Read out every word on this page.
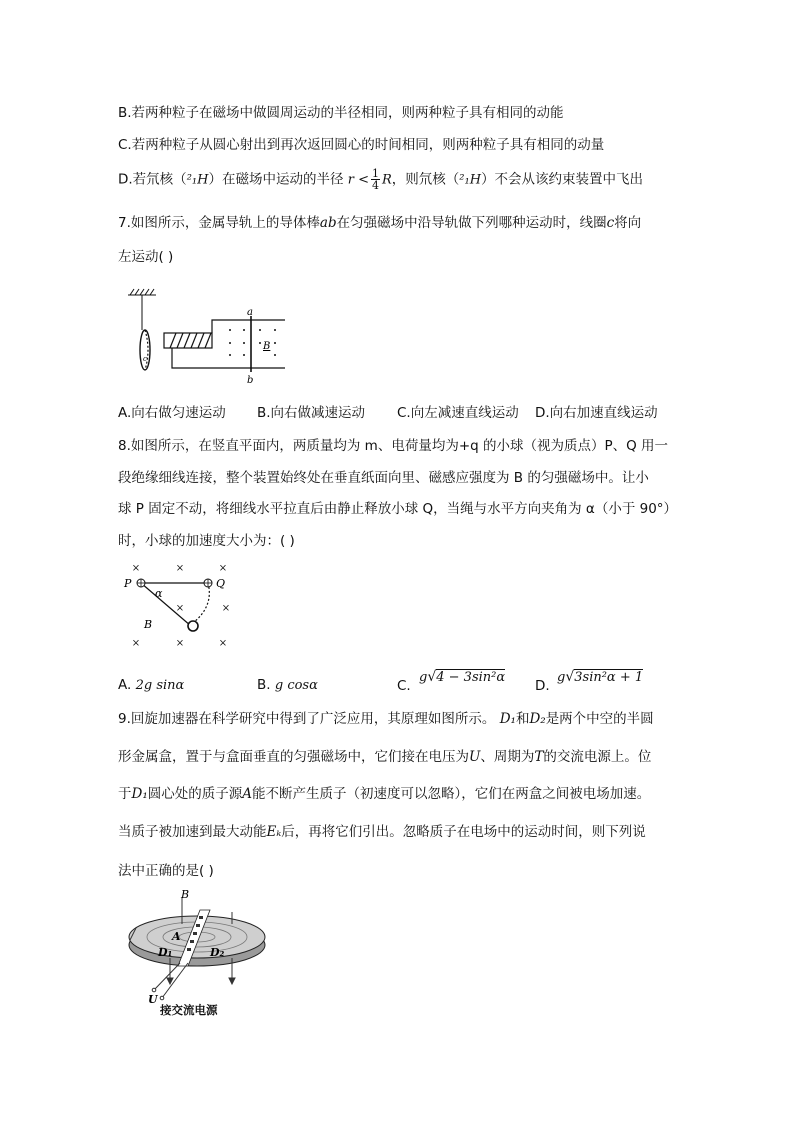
B.若两种粒子在磁场中做圆周运动的半径相同，则两种粒子具有相同的动能
C.若两种粒子从圆心射出到再次返回圆心的时间相同，则两种粒子具有相同的动量
D.若氘核（²₁H）在磁场中运动的半径 $r < \frac{1}{4}$ R，则氘核（²₁H）不会从该约束装置中飞出
7.如图所示，金属导轨上的导体棒ab在匀强磁场中沿导轨做下列哪种运动时，线圈c将向
左运动( )
c
a
b
B
A.向右做匀速运动 B.向右做减速运动 C.向左减速直线运动 D.向右加速直线运动
8.如图所示，在竖直平面内，两质量均为 m、电荷量均为+q 的小球（视为质点）P、Q 用一
段绝缘细线连接，整个装置始终处在垂直纸面向里、磁感应强度为 B 的匀强磁场中。让小
球 P 固定不动，将细线水平拉直后由静止释放小球 Q，当绳与水平方向夹角为 α（小于 90°）
时，小球的加速度大小为：( )
×	×	×
×	×
×	×	×
P	Q
α
B
A. 2g sinα	B. g cosα	C.
g√4 − 3sin²α
D.
g√3sin²α + 1
9.回旋加速器在科学研究中得到了广泛应用，其原理如图所示。 D₁和D₂是两个中空的半圆
形金属盒，置于与盒面垂直的匀强磁场中，它们接在电压为U、周期为T的交流电源上。位
于D₁圆心处的质子源A能不断产生质子（初速度可以忽略），它们在两盒之间被电场加速。
当质子被加速到最大动能Eₖ后，再将它们引出。忽略质子在电场中的运动时间，则下列说
法中正确的是( )
B
A
D₁	D₂
U
接交流电源
